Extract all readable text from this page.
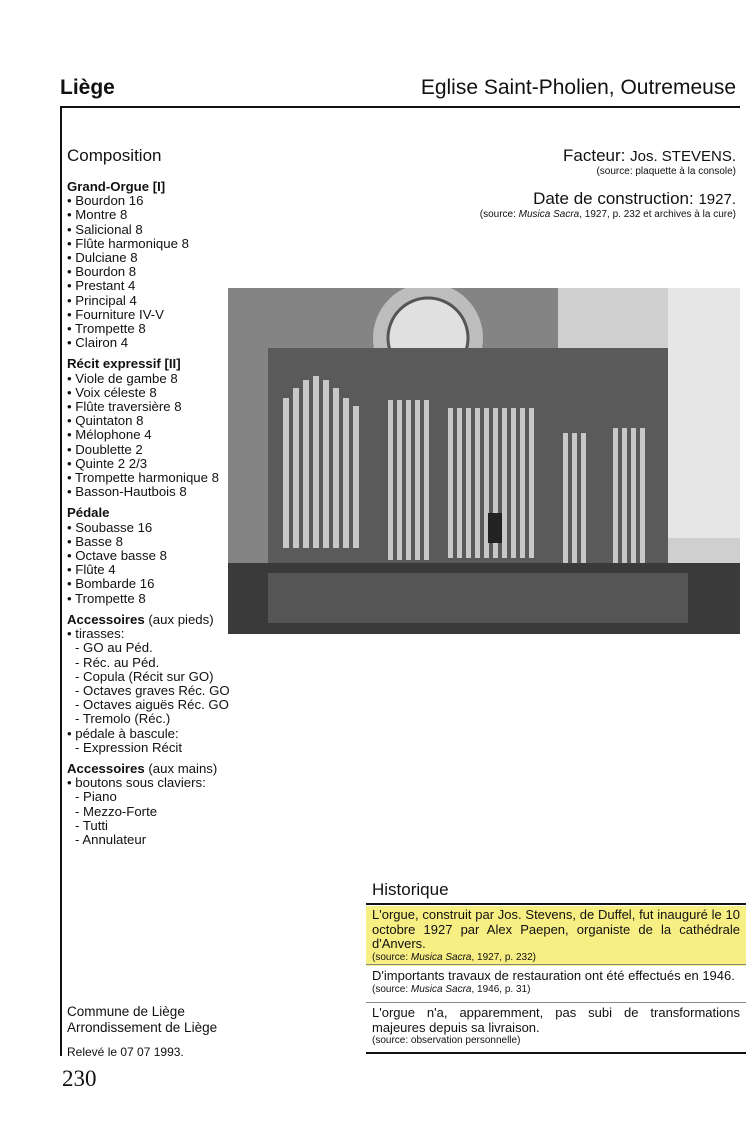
Liège	Eglise Saint-Pholien, Outremeuse
Composition
Grand-Orgue [I]
• Bourdon 16
• Montre 8
• Salicional 8
• Flûte harmonique 8
• Dulciane 8
• Bourdon 8
• Prestant 4
• Principal 4
• Fourniture IV-V
• Trompette 8
• Clairon 4
Récit expressif [II]
• Viole de gambe 8
• Voix céleste 8
• Flûte traversière 8
• Quintaton 8
• Mélophone 4
• Doublette 2
• Quinte 2 2/3
• Trompette harmonique 8
• Basson-Hautbois 8
Pédale
• Soubasse 16
• Basse 8
• Octave basse 8
• Flûte 4
• Bombarde 16
• Trompette 8
Accessoires (aux pieds)
• tirasses:
- GO au Péd.
- Réc. au Péd.
- Copula (Récit sur GO)
- Octaves graves Réc. GO
- Octaves aiguës Réc. GO
- Tremolo (Réc.)
• pédale à bascule:
- Expression Récit
Accessoires (aux mains)
• boutons sous claviers:
- Piano
- Mezzo-Forte
- Tutti
- Annulateur
Facteur: Jos. STEVENS.
(source: plaquette à la console)
Date de construction: 1927.
(source: Musica Sacra, 1927, p. 232 et archives à la cure)
Historique
L'orgue, construit par Jos. Stevens, de Duffel, fut inauguré le 10 octobre 1927 par Alex Paepen, organiste de la cathédrale d'Anvers.
(source: Musica Sacra, 1927, p. 232)
D'importants travaux de restauration ont été effectués en 1946.
(source: Musica Sacra, 1946, p. 31)
L'orgue n'a, apparemment, pas subi de transformations majeures depuis sa livraison.
(source: observation personnelle)
Commune de Liège
Arrondissement de Liège
Relevé le 07 07 1993.
230
